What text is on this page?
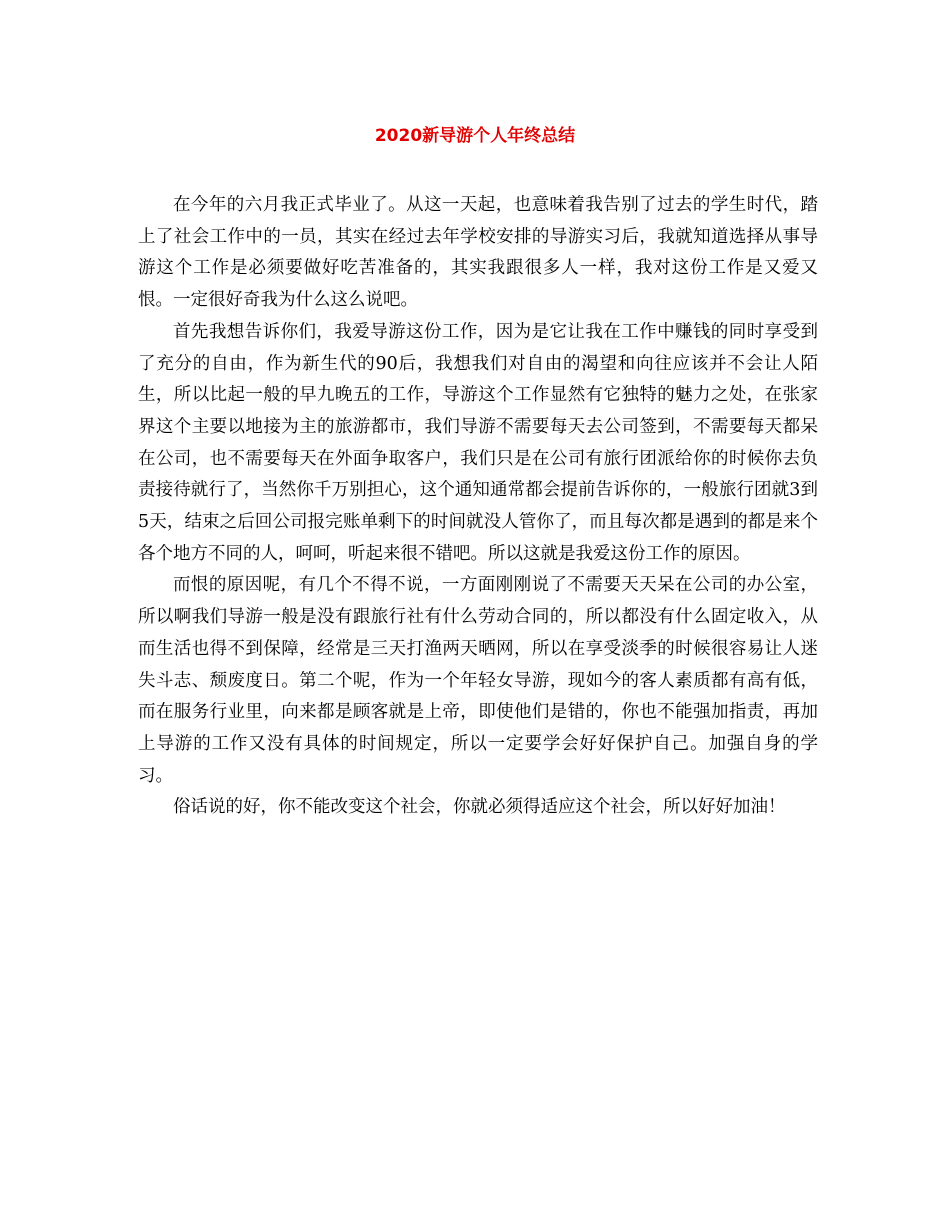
2020新导游个人年终总结

在今年的六月我正式毕业了。从这一天起，也意味着我告别了过去的学生时代，踏上了社会工作中的一员，其实在经过去年学校安排的导游实习后，我就知道选择从事导游这个工作是必须要做好吃苦准备的，其实我跟很多人一样，我对这份工作是又爱又恨。一定很好奇我为什么这么说吧。

首先我想告诉你们，我爱导游这份工作，因为是它让我在工作中赚钱的同时享受到了充分的自由，作为新生代的90后，我想我们对自由的渴望和向往应该并不会让人陌生，所以比起一般的早九晚五的工作，导游这个工作显然有它独特的魅力之处，在张家界这个主要以地接为主的旅游都市，我们导游不需要每天去公司签到，不需要每天都呆在公司，也不需要每天在外面争取客户，我们只是在公司有旅行团派给你的时候你去负责接待就行了，当然你千万别担心，这个通知通常都会提前告诉你的，一般旅行团就3到5天，结束之后回公司报完账单剩下的时间就没人管你了，而且每次都是遇到的都是来个各个地方不同的人，呵呵，听起来很不错吧。所以这就是我爱这份工作的原因。

而恨的原因呢，有几个不得不说，一方面刚刚说了不需要天天呆在公司的办公室，所以啊我们导游一般是没有跟旅行社有什么劳动合同的，所以都没有什么固定收入，从而生活也得不到保障，经常是三天打渔两天晒网，所以在享受淡季的时候很容易让人迷失斗志、颓废度日。第二个呢，作为一个年轻女导游，现如今的客人素质都有高有低，而在服务行业里，向来都是顾客就是上帝，即使他们是错的，你也不能强加指责，再加上导游的工作又没有具体的时间规定，所以一定要学会好好保护自己。加强自身的学习。

俗话说的好，你不能改变这个社会，你就必须得适应这个社会，所以好好加油！
